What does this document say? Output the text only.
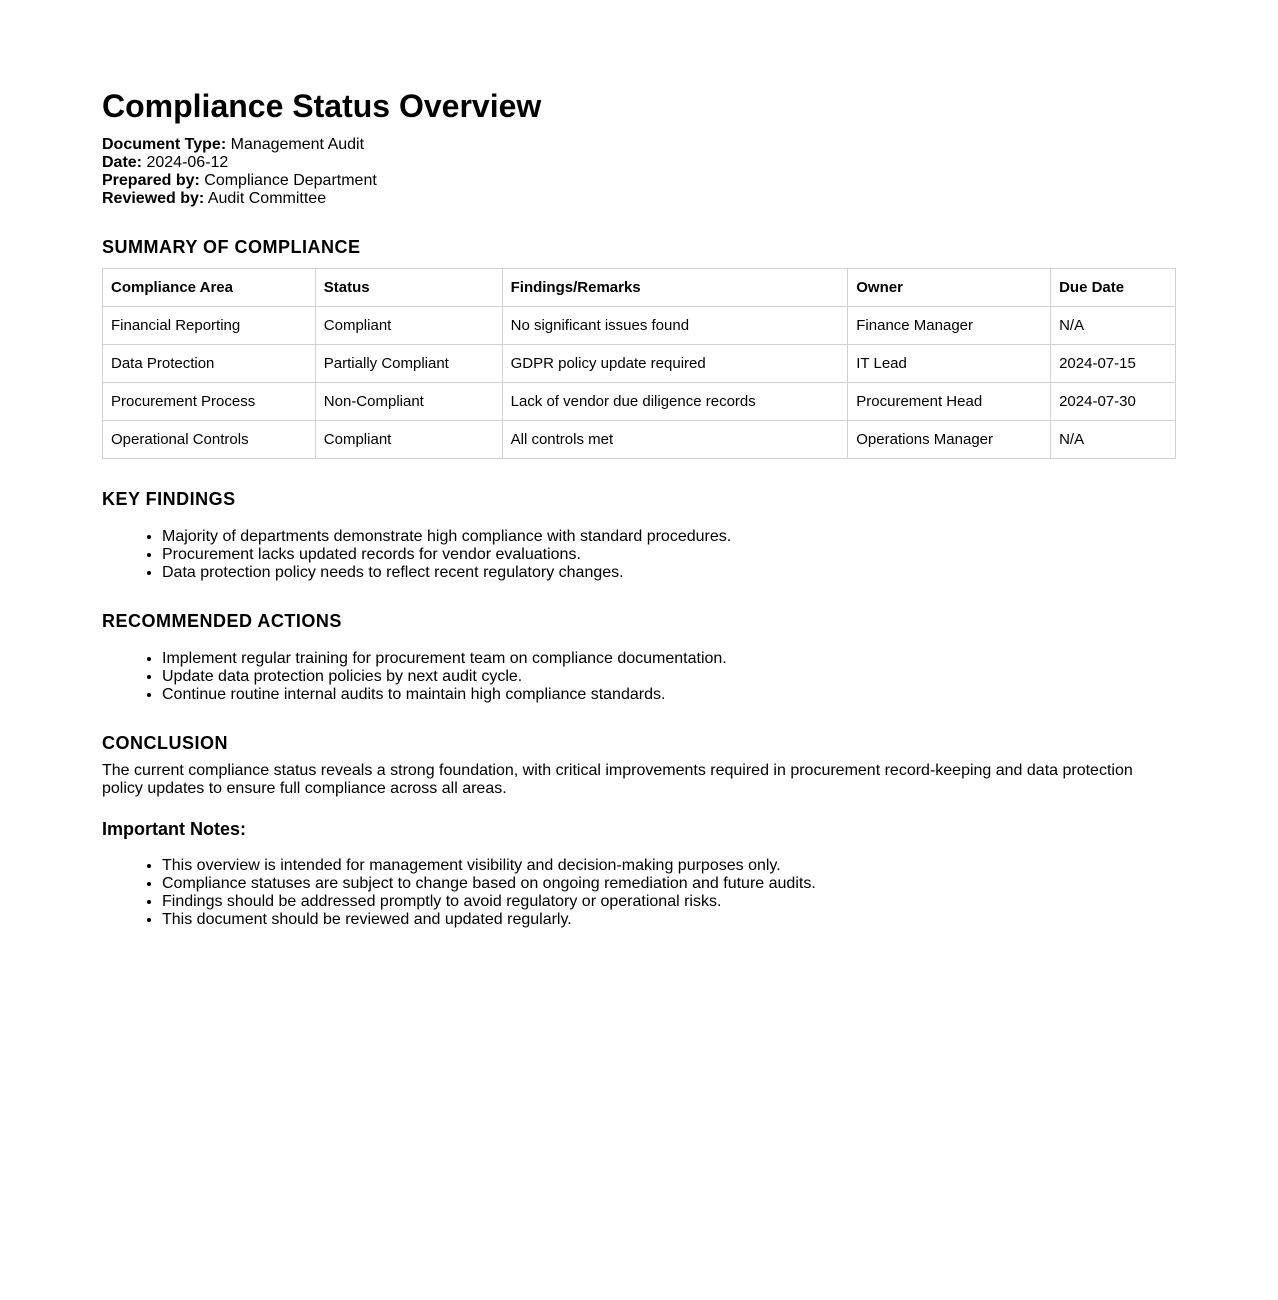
Compliance Status Overview
Document Type: Management Audit
Date: 2024-06-12
Prepared by: Compliance Department
Reviewed by: Audit Committee
SUMMARY OF COMPLIANCE
Compliance Area	Status	Findings/Remarks	Owner	Due Date
Financial Reporting	Compliant	No significant issues found	Finance Manager	N/A
Data Protection	Partially Compliant	GDPR policy update required	IT Lead	2024-07-15
Procurement Process	Non-Compliant	Lack of vendor due diligence records	Procurement Head	2024-07-30
Operational Controls	Compliant	All controls met	Operations Manager	N/A
KEY FINDINGS
• Majority of departments demonstrate high compliance with standard procedures.
• Procurement lacks updated records for vendor evaluations.
• Data protection policy needs to reflect recent regulatory changes.
RECOMMENDED ACTIONS
• Implement regular training for procurement team on compliance documentation.
• Update data protection policies by next audit cycle.
• Continue routine internal audits to maintain high compliance standards.
CONCLUSION

The current compliance status reveals a strong foundation, with critical improvements required in procurement record-keeping and data protection policy updates to ensure full compliance across all areas.

Important Notes:
• This overview is intended for management visibility and decision-making purposes only.
• Compliance statuses are subject to change based on ongoing remediation and future audits.
• Findings should be addressed promptly to avoid regulatory or operational risks.
• This document should be reviewed and updated regularly.
